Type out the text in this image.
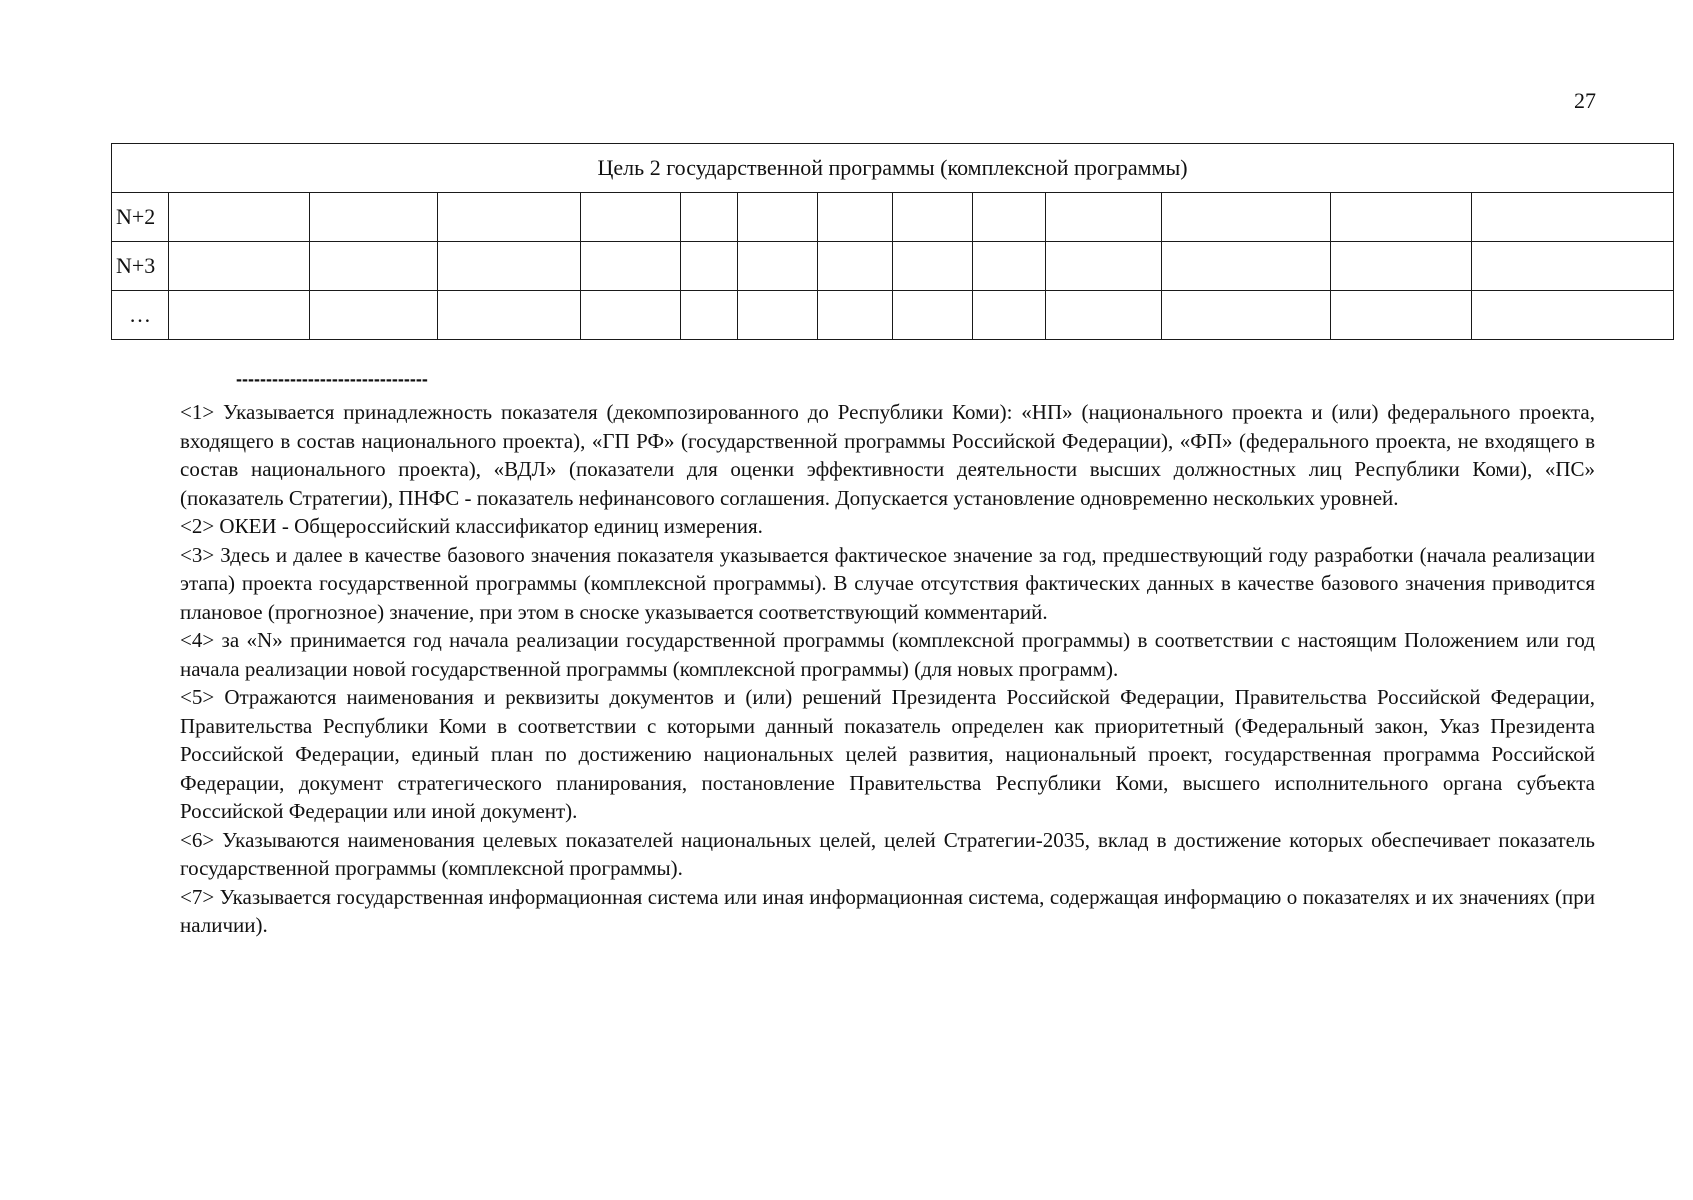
27
Цель 2 государственной программы (комплексной программы)													
N+2													
N+3													
…													
--------------------------------

<1> Указывается принадлежность показателя (декомпозированного до Республики Коми): «НП» (национального проекта и (или) федерального проекта, входящего в состав национального проекта), «ГП РФ» (государственной программы Российской Федерации), «ФП» (федерального проекта, не входящего в состав национального проекта), «ВДЛ» (показатели для оценки эффективности деятельности высших должностных лиц Республики Коми), «ПС» (показатель Стратегии), ПНФС - показатель нефинансового соглашения. Допускается установление одновременно нескольких уровней.

<2> ОКЕИ - Общероссийский классификатор единиц измерения.

<3> Здесь и далее в качестве базового значения показателя указывается фактическое значение за год, предшествующий году разработки (начала реализации этапа) проекта государственной программы (комплексной программы). В случае отсутствия фактических данных в качестве базового значения приводится плановое (прогнозное) значение, при этом в сноске указывается соответствующий комментарий.

<4> за «N» принимается год начала реализации государственной программы (комплексной программы) в соответствии с настоящим Положением или год начала реализации новой государственной программы (комплексной программы) (для новых программ).

<5> Отражаются наименования и реквизиты документов и (или) решений Президента Российской Федерации, Правительства Российской Федерации, Правительства Республики Коми в соответствии с которыми данный показатель определен как приоритетный (Федеральный закон, Указ Президента Российской Федерации, единый план по достижению национальных целей развития, национальный проект, государственная программа Российской Федерации, документ стратегического планирования, постановление Правительства Республики Коми, высшего исполнительного органа субъекта Российской Федерации или иной документ).

<6> Указываются наименования целевых показателей национальных целей, целей Стратегии-2035, вклад в достижение которых обеспечивает показатель государственной программы (комплексной программы).

<7> Указывается государственная информационная система или иная информационная система, содержащая информацию о показателях и их значениях (при наличии).
